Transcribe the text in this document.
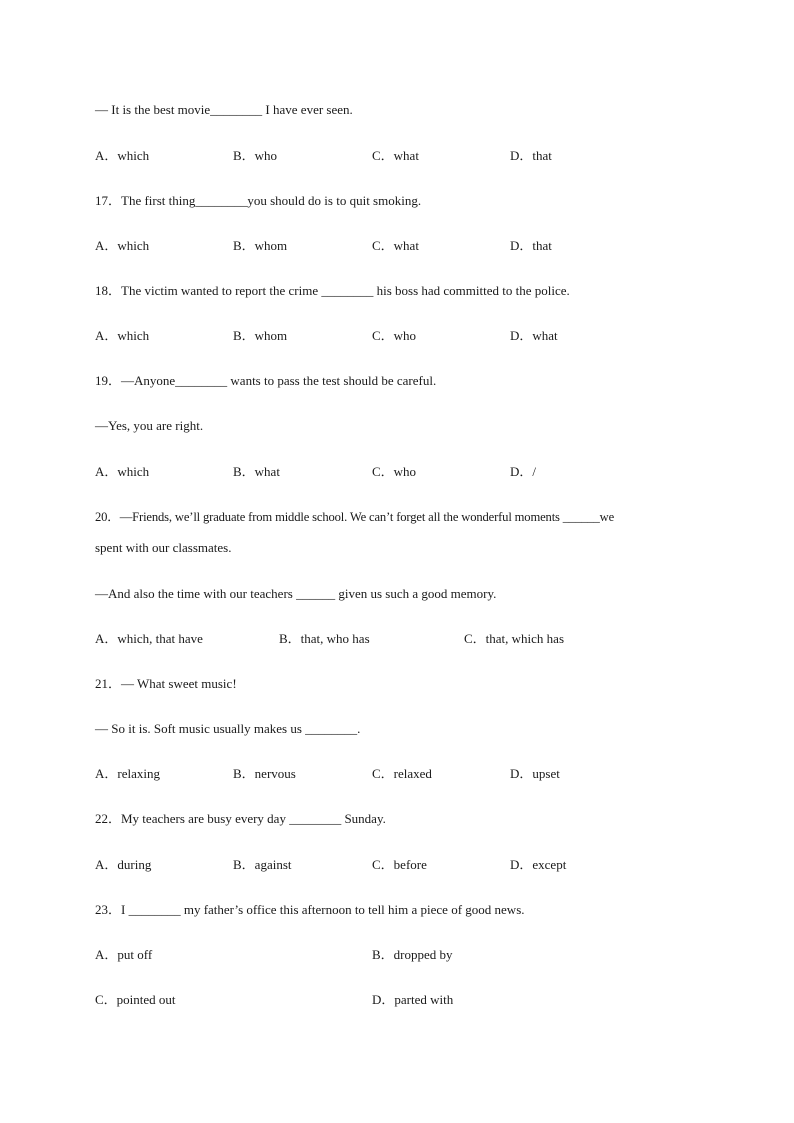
— It is the best movie________ I have ever seen.
A．which	B．who	C．what	D．that
17．The first thing________you should do is to quit smoking.
A．which	B．whom	C．what	D．that
18．The victim wanted to report the crime ________ his boss had committed to the police.
A．which	B．whom	C．who	D．what
19．—Anyone________ wants to pass the test should be careful.
—Yes, you are right.
A．which	B．what	C．who	D．/
20．—Friends, we’ll graduate from middle school. We can’t forget all the wonderful moments ______we
spent with our classmates.
—And also the time with our teachers ______ given us such a good memory.
A．which, that have	B．that, who has	C．that, which has
21．— What sweet music!
— So it is. Soft music usually makes us ________.
A．relaxing	B．nervous	C．relaxed	D．upset
22．My teachers are busy every day ________ Sunday.
A．during	B．against	C．before	D．except
23．I ________ my father’s office this afternoon to tell him a piece of good news.
A．put off	B．dropped by
C．pointed out	D．parted with
